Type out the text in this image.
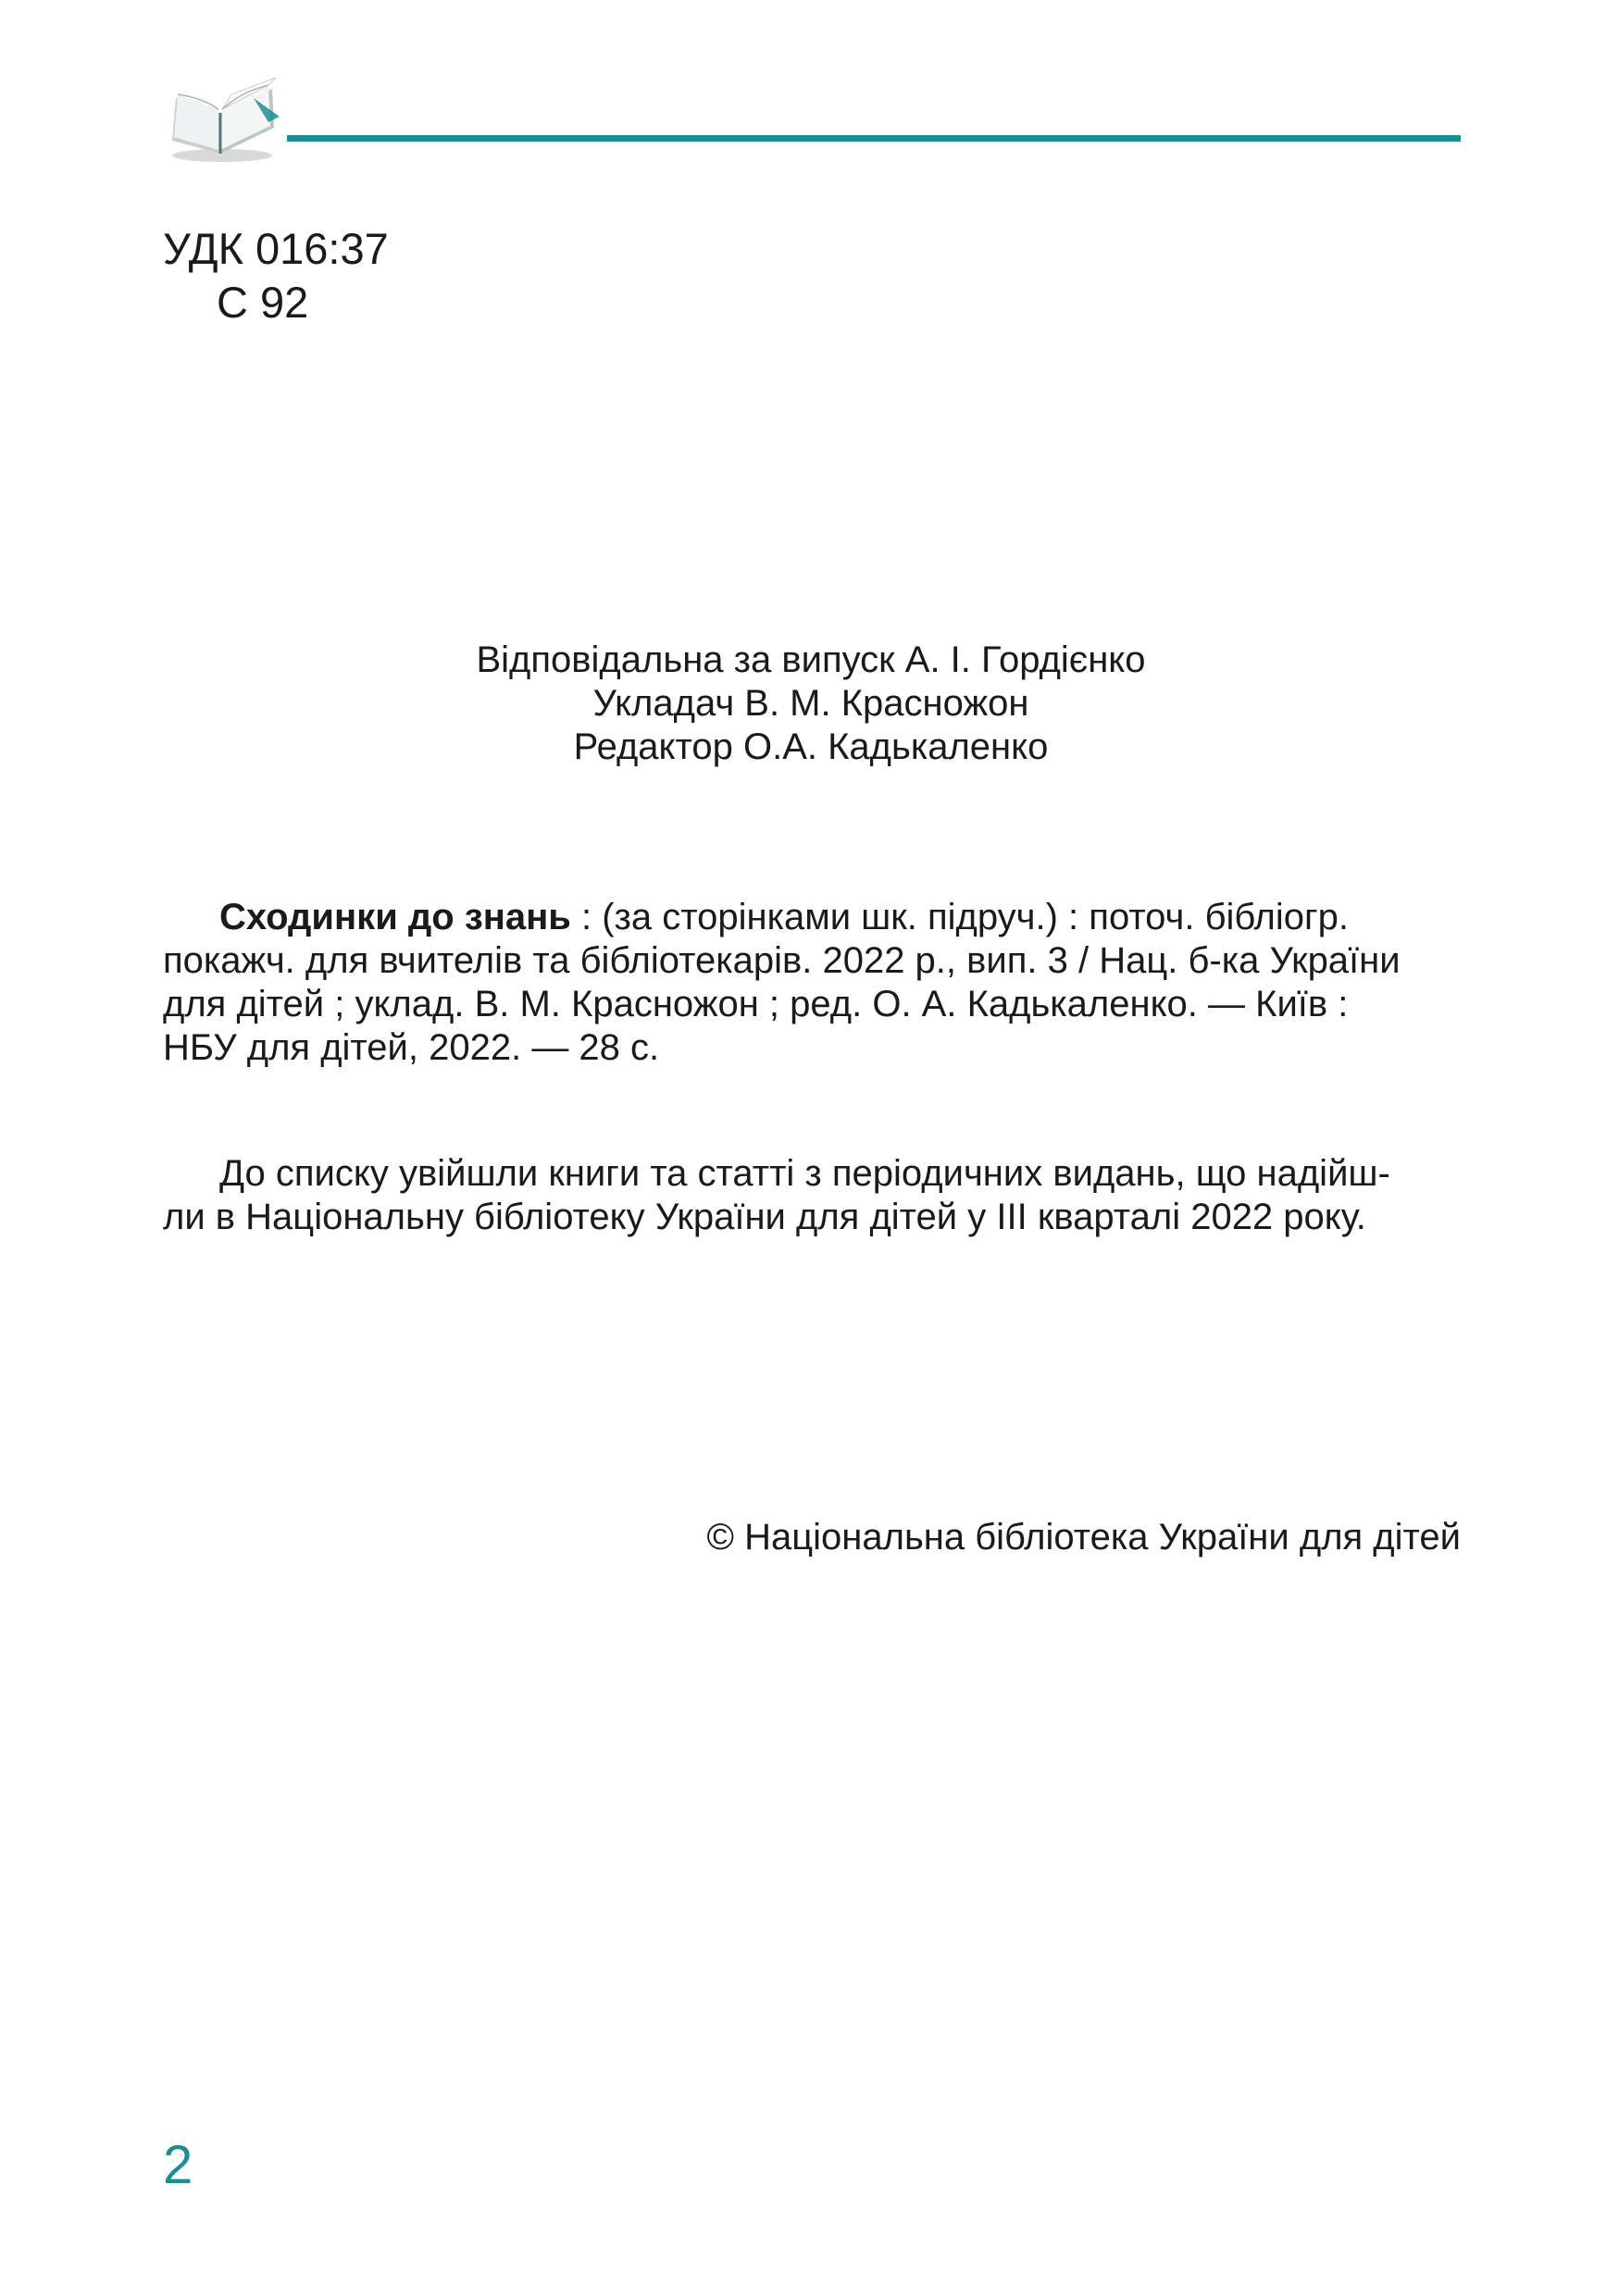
УДК 016:37
С 92
Відповідальна за випуск А. І. Гордієнко
Укладач В. М. Красножон
Редактор О.А. Кадькаленко
Сходинки до знань : (за сторінками шк. підруч.) : поточ. бібліогр.
покажч. для вчителів та бібліотекарів. 2022 р., вип. 3 / Нац. б-ка України
для дітей ; уклад. В. М. Красножон ; ред. О. А. Кадькаленко. — Київ :
НБУ для дітей, 2022. — 28 с.
До списку увійшли книги та статті з періодичних видань, що надійш-
ли в Національну бібліотеку України для дітей у ІІІ кварталі 2022 року.
© Національна бібліотека України для дітей
2
